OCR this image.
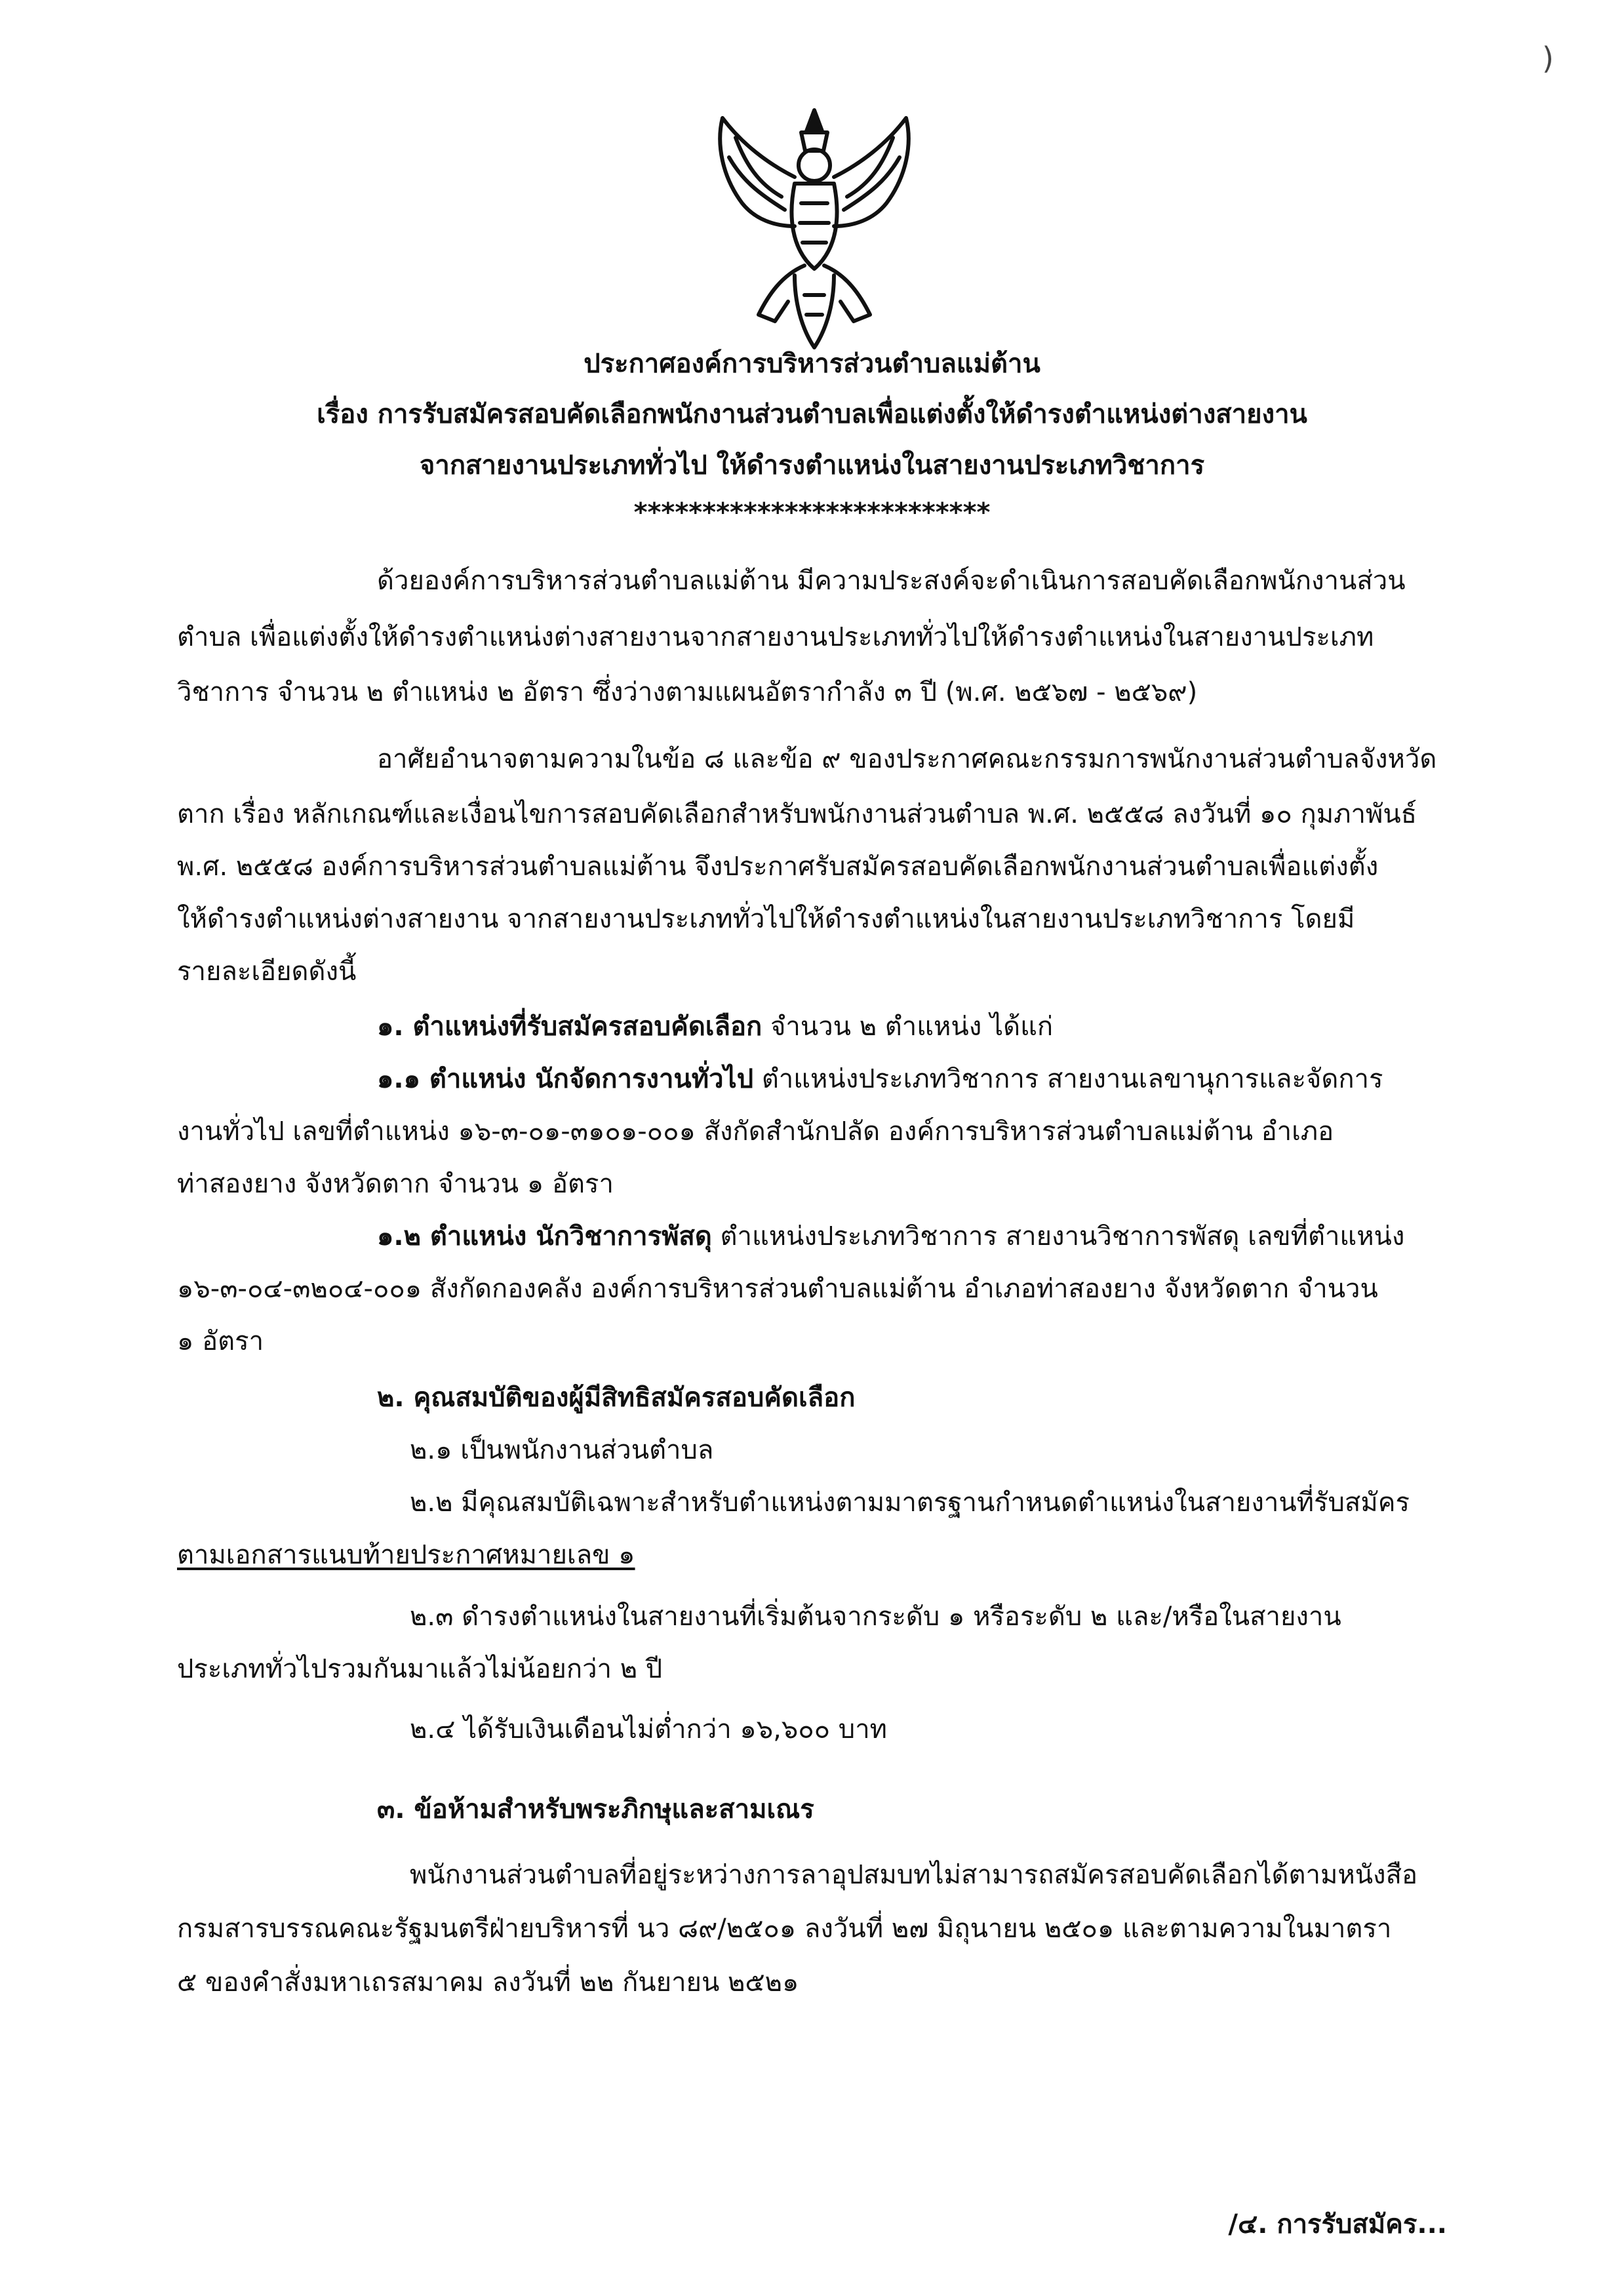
)
ประกาศองค์การบริหารส่วนตำบลแม่ต้าน
เรื่อง การรับสมัครสอบคัดเลือกพนักงานส่วนตำบลเพื่อแต่งตั้งให้ดำรงตำแหน่งต่างสายงาน
จากสายงานประเภททั่วไป ให้ดำรงตำแหน่งในสายงานประเภทวิชาการ
**************************
ด้วยองค์การบริหารส่วนตำบลแม่ต้าน มีความประสงค์จะดำเนินการสอบคัดเลือกพนักงานส่วน
ตำบล เพื่อแต่งตั้งให้ดำรงตำแหน่งต่างสายงานจากสายงานประเภททั่วไปให้ดำรงตำแหน่งในสายงานประเภท
วิชาการ จำนวน ๒ ตำแหน่ง ๒ อัตรา ซึ่งว่างตามแผนอัตรากำลัง ๓ ปี (พ.ศ. ๒๕๖๗ - ๒๕๖๙)
อาศัยอำนาจตามความในข้อ ๘ และข้อ ๙ ของประกาศคณะกรรมการพนักงานส่วนตำบลจังหวัด
ตาก เรื่อง หลักเกณฑ์และเงื่อนไขการสอบคัดเลือกสำหรับพนักงานส่วนตำบล พ.ศ. ๒๕๕๘ ลงวันที่ ๑๐ กุมภาพันธ์
พ.ศ. ๒๕๕๘ องค์การบริหารส่วนตำบลแม่ต้าน จึงประกาศรับสมัครสอบคัดเลือกพนักงานส่วนตำบลเพื่อแต่งตั้ง
ให้ดำรงตำแหน่งต่างสายงาน จากสายงานประเภททั่วไปให้ดำรงตำแหน่งในสายงานประเภทวิชาการ โดยมี
รายละเอียดดังนี้
๑. ตำแหน่งที่รับสมัครสอบคัดเลือก จำนวน ๒ ตำแหน่ง ได้แก่
๑.๑ ตำแหน่ง นักจัดการงานทั่วไป ตำแหน่งประเภทวิชาการ สายงานเลขานุการและจัดการ
งานทั่วไป เลขที่ตำแหน่ง ๑๖-๓-๐๑-๓๑๐๑-๐๐๑ สังกัดสำนักปลัด องค์การบริหารส่วนตำบลแม่ต้าน อำเภอ
ท่าสองยาง จังหวัดตาก จำนวน ๑ อัตรา
๑.๒ ตำแหน่ง นักวิชาการพัสดุ ตำแหน่งประเภทวิชาการ สายงานวิชาการพัสดุ เลขที่ตำแหน่ง
๑๖-๓-๐๔-๓๒๐๔-๐๐๑ สังกัดกองคลัง องค์การบริหารส่วนตำบลแม่ต้าน อำเภอท่าสองยาง จังหวัดตาก จำนวน
๑ อัตรา
๒. คุณสมบัติของผู้มีสิทธิสมัครสอบคัดเลือก
๒.๑ เป็นพนักงานส่วนตำบล
๒.๒ มีคุณสมบัติเฉพาะสำหรับตำแหน่งตามมาตรฐานกำหนดตำแหน่งในสายงานที่รับสมัคร
ตามเอกสารแนบท้ายประกาศหมายเลข ๑
๒.๓ ดำรงตำแหน่งในสายงานที่เริ่มต้นจากระดับ ๑ หรือระดับ ๒ และ/หรือในสายงาน
ประเภททั่วไปรวมกันมาแล้วไม่น้อยกว่า ๒ ปี
๒.๔ ได้รับเงินเดือนไม่ต่ำกว่า ๑๖,๖๐๐ บาท
๓. ข้อห้ามสำหรับพระภิกษุและสามเณร
พนักงานส่วนตำบลที่อยู่ระหว่างการลาอุปสมบทไม่สามารถสมัครสอบคัดเลือกได้ตามหนังสือ
กรมสารบรรณคณะรัฐมนตรีฝ่ายบริหารที่ นว ๘๙/๒๕๐๑ ลงวันที่ ๒๗ มิถุนายน ๒๕๐๑ และตามความในมาตรา
๕ ของคำสั่งมหาเถรสมาคม ลงวันที่ ๒๒ กันยายน ๒๕๒๑
/๔. การรับสมัคร...
